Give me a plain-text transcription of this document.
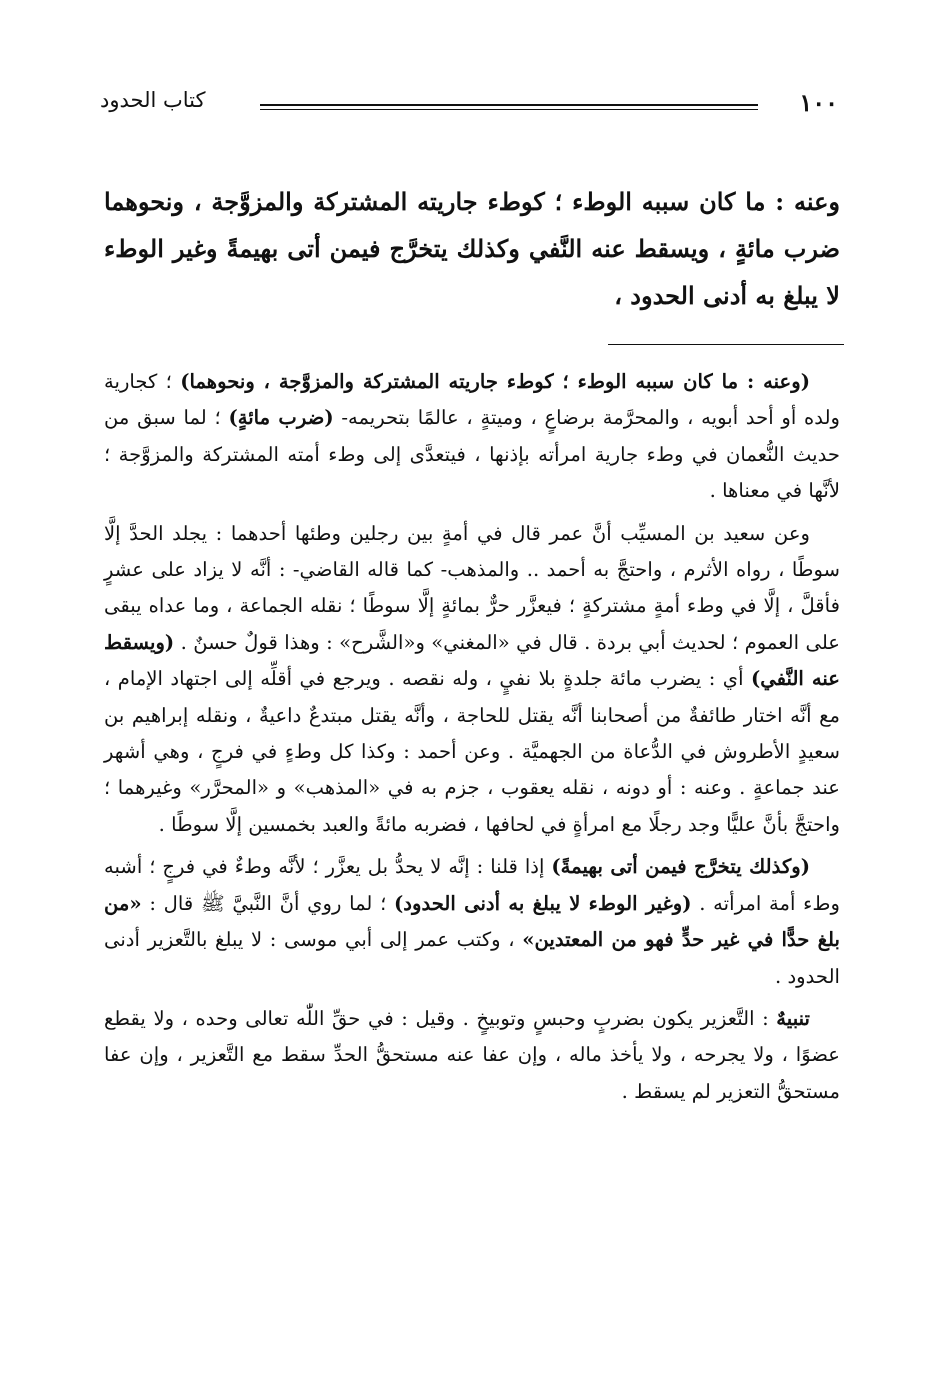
١٠٠
كتاب الحدود
وعنه : ما كان سببه الوطء ؛ كوطء جاريته المشتركة والمزوَّجة ، ونحوهما ضرب مائةٍ ، ويسقط عنه النَّفي وكذلك يتخرَّج فيمن أتى بهيمةً وغير الوطء لا يبلغ به أدنى الحدود ،

(وعنه : ما كان سببه الوطء ؛ كوطء جاريته المشتركة والمزوَّجة ، ونحوهما) ؛ كجارية ولده أو أحد أبويه ، والمحرَّمة برضاعٍ ، وميتةٍ ، عالمًا بتحريمه- (ضرب مائةٍ) ؛ لما سبق من حديث النُّعمان في وطء جارية امرأته بإذنها ، فيتعدَّى إلى وطء أمته المشتركة والمزوَّجة ؛ لأنَّها في معناها .

وعن سعيد بن المسيِّب أنَّ عمر قال في أمةٍ بين رجلين وطئها أحدهما : يجلد الحدَّ إلَّا سوطًا ، رواه الأثرم ، واحتجَّ به أحمد .. والمذهب- كما قاله القاضي- : أنَّه لا يزاد على عشرٍ فأقلَّ ، إلَّا في وطء أمةٍ مشتركةٍ ؛ فيعزَّر حرٌّ بمائةٍ إلَّا سوطًا ؛ نقله الجماعة ، وما عداه يبقى على العموم ؛ لحديث أبي بردة . قال في «المغني» و«الشَّرح» : وهذا قولٌ حسنٌ . (ويسقط عنه النَّفي) أي : يضرب مائة جلدةٍ بلا نفيٍ ، وله نقصه . ويرجع في أقلِّه إلى اجتهاد الإمام ، مع أنَّه اختار طائفةٌ من أصحابنا أنَّه يقتل للحاجة ، وأنَّه يقتل مبتدعٌ داعيةٌ ، ونقله إبراهيم بن سعيدٍ الأطروش في الدُّعاة من الجهميَّة . وعن أحمد : وكذا كل وطءٍ في فرجٍ ، وهي أشهر عند جماعةٍ . وعنه : أو دونه ، نقله يعقوب ، جزم به في «المذهب» و «المحرَّر» وغيرهما ؛ واحتجَّ بأنَّ عليًّا وجد رجلًا مع امرأةٍ في لحافها ، فضربه مائةً والعبد بخمسين إلَّا سوطًا .

(وكذلك يتخرَّج فيمن أتى بهيمةً) إذا قلنا : إنَّه لا يحدُّ بل يعزَّر ؛ لأنَّه وطءٌ في فرجٍ ؛ أشبه وطء أمة امرأته . (وغير الوطء لا يبلغ به أدنى الحدود) ؛ لما روي أنَّ النَّبيَّ ﷺ قال : «من بلغ حدًّا في غير حدٍّ فهو من المعتدين» ، وكتب عمر إلى أبي موسى : لا يبلغ بالتَّعزير أدنى الحدود .

تنبيهٌ : التَّعزير يكون بضربٍ وحبسٍ وتوبيخٍ . وقيل : في حقِّ اللّٰه تعالى وحده ، ولا يقطع عضوًا ، ولا يجرحه ، ولا يأخذ ماله ، وإن عفا عنه مستحقُّ الحدِّ سقط مع التَّعزير ، وإن عفا مستحقُّ التعزير لم يسقط .
